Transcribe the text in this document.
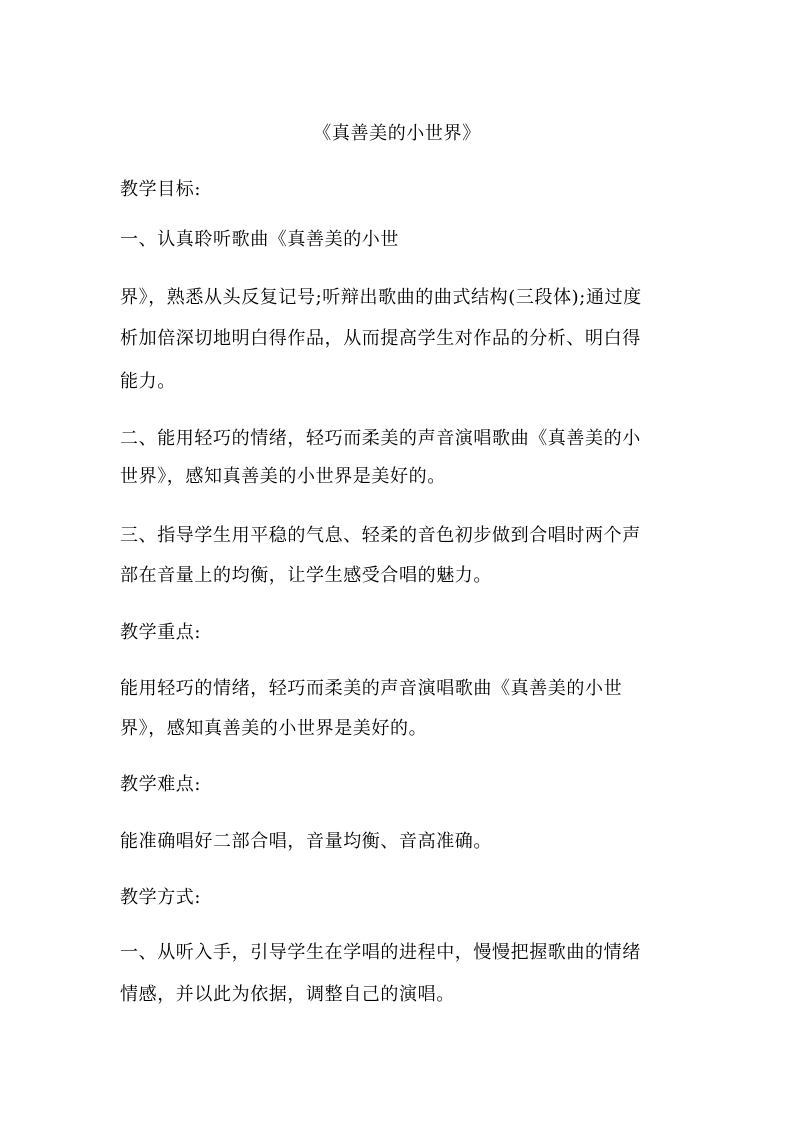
《真善美的小世界》
教学目标:
一、认真聆听歌曲《真善美的小世
界》，熟悉从头反复记号;听辩出歌曲的曲式结构(三段体);通过度
析加倍深切地明白得作品，从而提高学生对作品的分析、明白得
能力。
二、能用轻巧的情绪，轻巧而柔美的声音演唱歌曲《真善美的小
世界》，感知真善美的小世界是美好的。
三、指导学生用平稳的气息、轻柔的音色初步做到合唱时两个声
部在音量上的均衡，让学生感受合唱的魅力。
教学重点:
能用轻巧的情绪，轻巧而柔美的声音演唱歌曲《真善美的小世
界》，感知真善美的小世界是美好的。
教学难点:
能准确唱好二部合唱，音量均衡、音高准确。
教学方式:
一、从听入手，引导学生在学唱的进程中，慢慢把握歌曲的情绪
情感，并以此为依据，调整自己的演唱。
